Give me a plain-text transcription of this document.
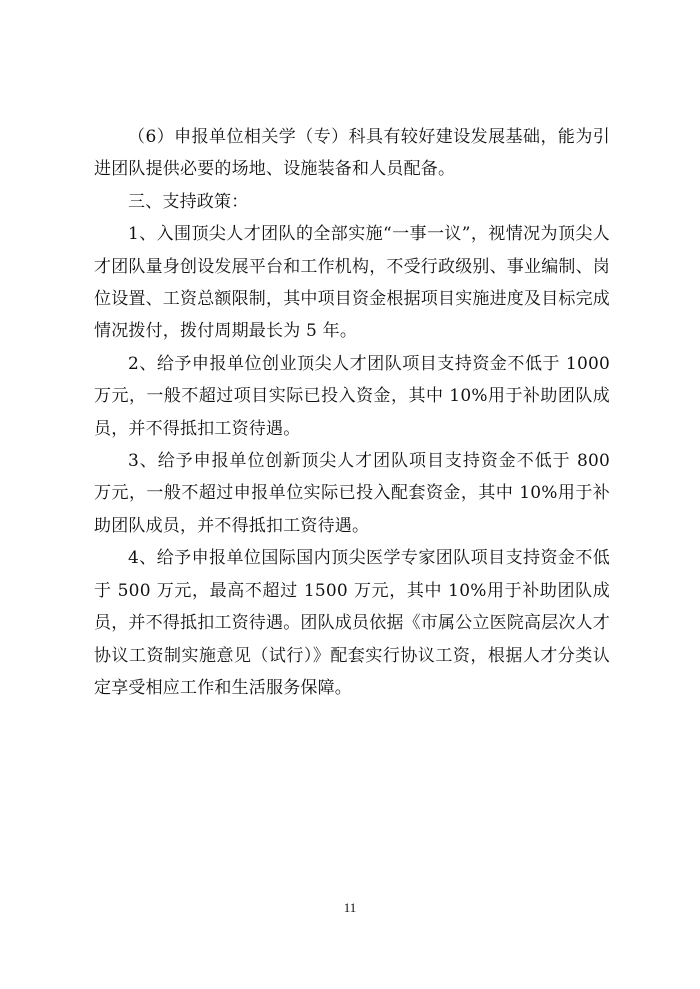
（6）申报单位相关学（专）科具有较好建设发展基础，能为引进团队提供必要的场地、设施装备和人员配备。

三、支持政策：

1、入围顶尖人才团队的全部实施“一事一议”，视情况为顶尖人才团队量身创设发展平台和工作机构，不受行政级别、事业编制、岗位设置、工资总额限制，其中项目资金根据项目实施进度及目标完成情况拨付，拨付周期最长为 5 年。

2、给予申报单位创业顶尖人才团队项目支持资金不低于 1000 万元，一般不超过项目实际已投入资金，其中 10%用于补助团队成员，并不得抵扣工资待遇。

3、给予申报单位创新顶尖人才团队项目支持资金不低于 800 万元，一般不超过申报单位实际已投入配套资金，其中 10%用于补助团队成员，并不得抵扣工资待遇。

4、给予申报单位国际国内顶尖医学专家团队项目支持资金不低于 500 万元，最高不超过 1500 万元，其中 10%用于补助团队成员，并不得抵扣工资待遇。团队成员依据《市属公立医院高层次人才协议工资制实施意见（试行）》配套实行协议工资，根据人才分类认定享受相应工作和生活服务保障。

11
